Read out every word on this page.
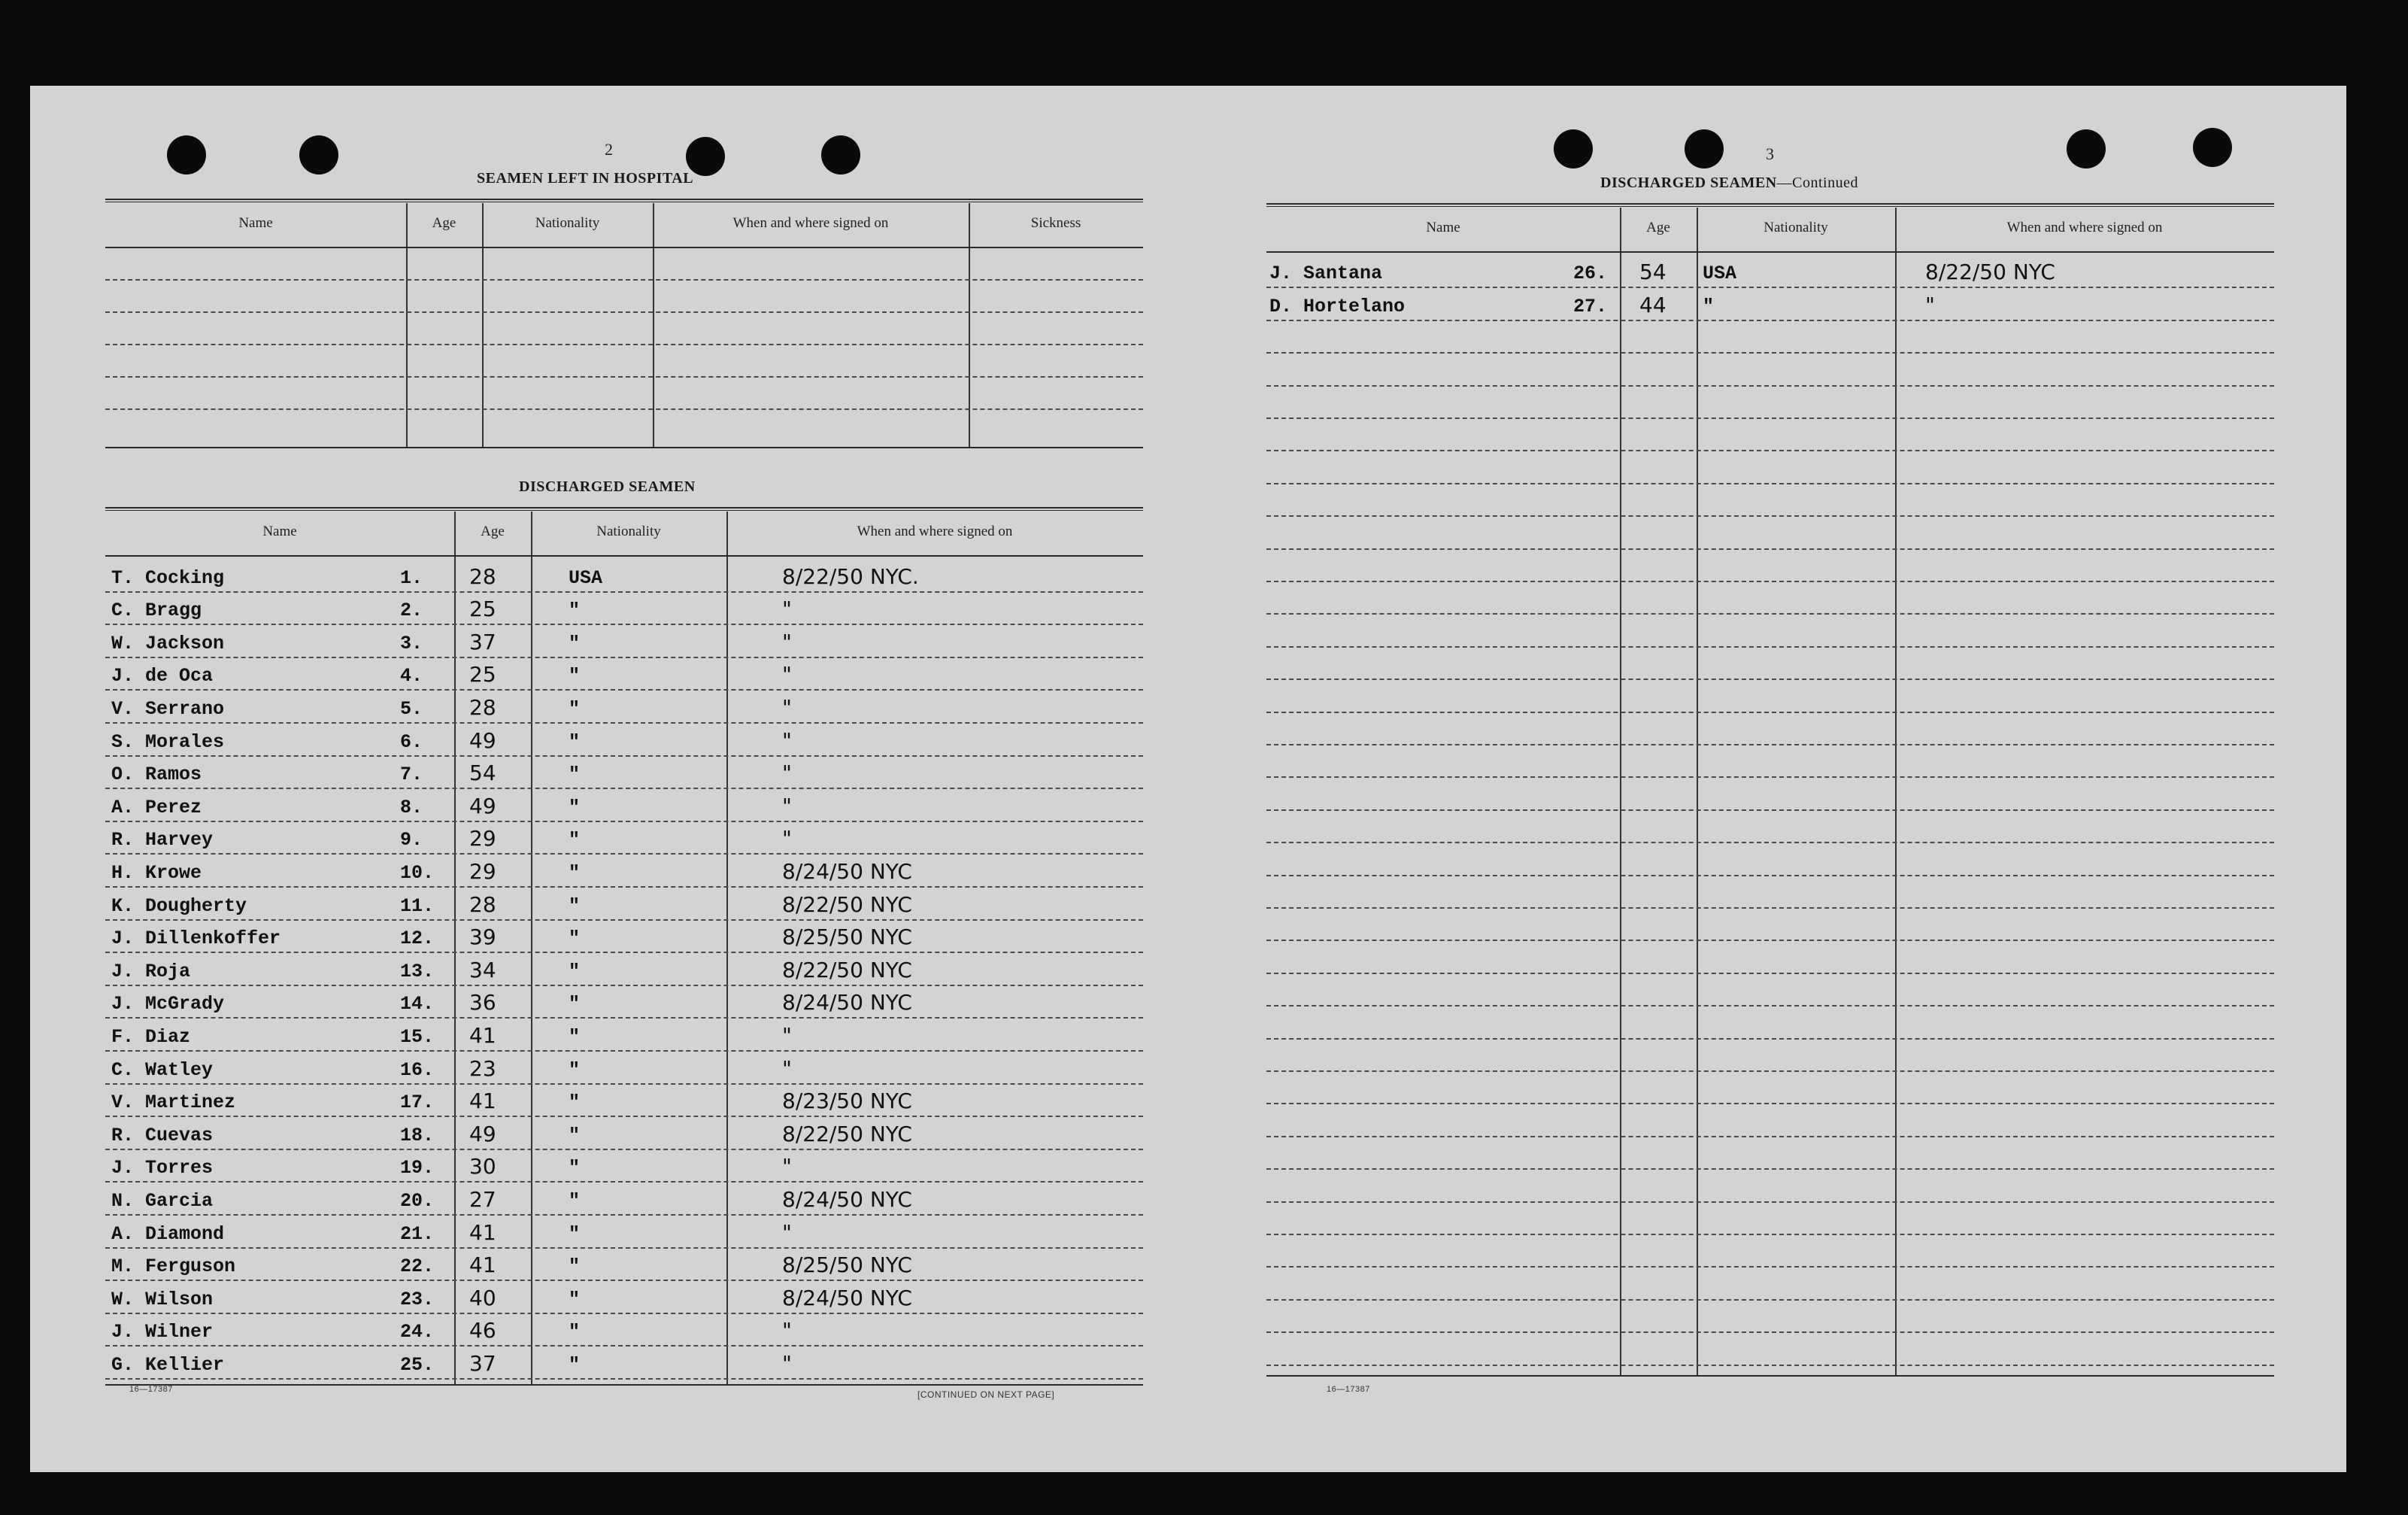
2
SEAMEN LEFT IN HOSPITAL
Name	Age	Nationality	When and where signed on	Sickness
DISCHARGED SEAMEN
Name	Age	Nationality	When and where signed on
T. Cocking	1. 28	USA	8/22/50 NYC.
C. Bragg	2. 25	"	"
W. Jackson	3. 37	"	"
J. de Oca	4. 25	"	"
V. Serrano	5. 28	"	"
S. Morales	6. 49	"	"
O. Ramos	7. 54	"	"
A. Perez	8. 49	"	"
R. Harvey	9. 29	"	"
H. Krowe	10. 29	"	8/24/50 NYC
K. Dougherty	11. 28	"	8/22/50 NYC
J. Dillenkoffer	12. 39	"	8/25/50 NYC
J. Roja	13. 34	"	8/22/50 NYC
J. McGrady	14. 36	"	8/24/50 NYC
F. Diaz	15. 41	"	"
C. Watley	16. 23	"	"
V. Martinez	17. 41	"	8/23/50 NYC
R. Cuevas	18. 49	"	8/22/50 NYC
J. Torres	19. 30	"	"
N. Garcia	20. 27	"	8/24/50 NYC
A. Diamond	21. 41	"	"
M. Ferguson	22. 41	"	8/25/50 NYC
W. Wilson	23. 40	"	8/24/50 NYC
J. Wilner	24. 46	"	"
G. Kellier	25. 37	"	"
16—17387	[CONTINUED ON NEXT PAGE]
3
DISCHARGED SEAMEN—Continued
Name	Age	Nationality	When and where signed on
J. Santana	26. 54 USA	8/22/50 NYC
D. Hortelano	27. 44 "	"
16—17387
